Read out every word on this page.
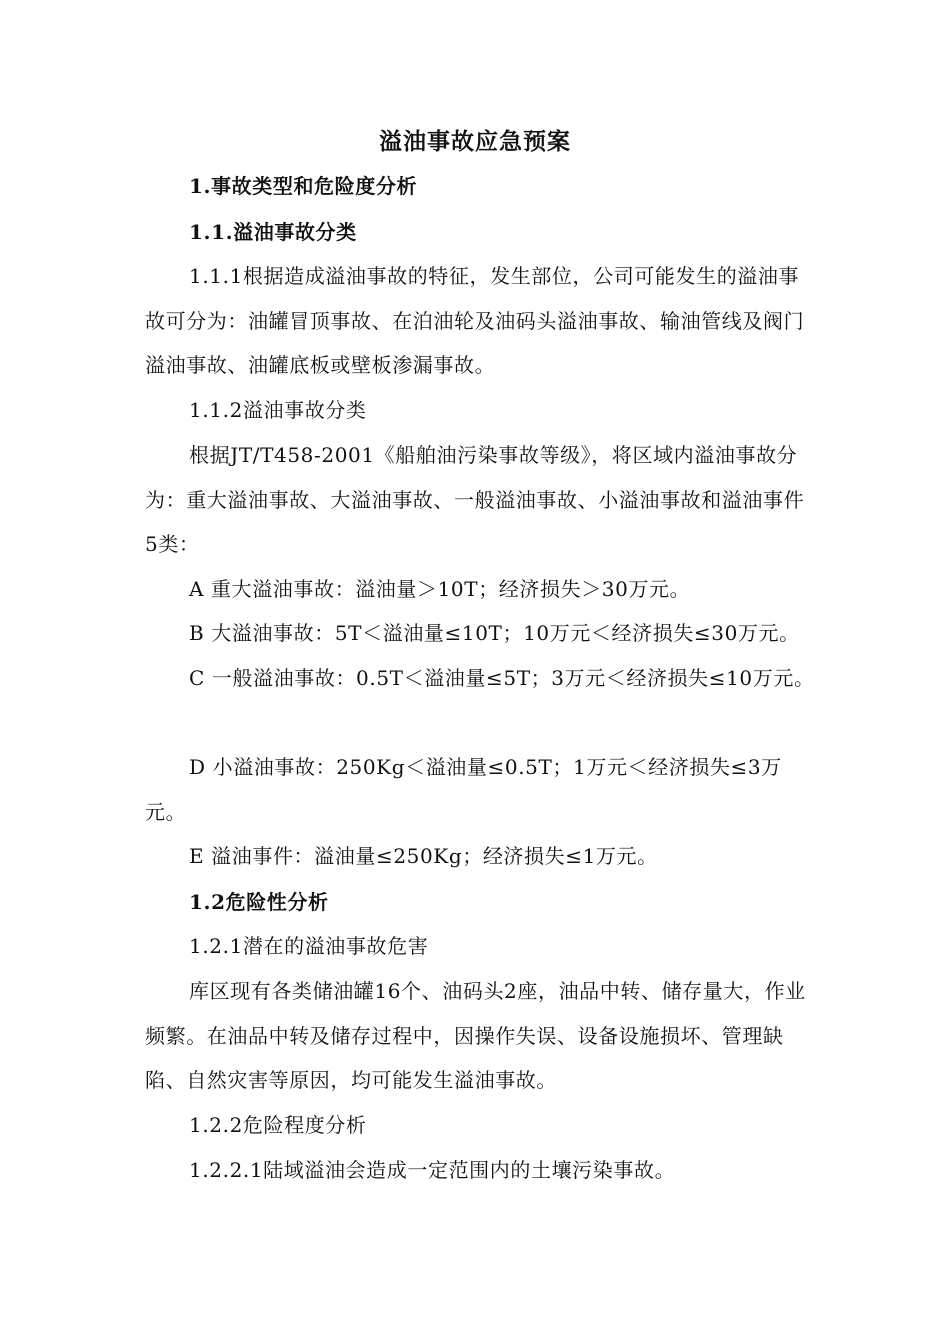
溢油事故应急预案
1.事故类型和危险度分析
1.1.溢油事故分类
1.1.1根据造成溢油事故的特征，发生部位，公司可能发生的溢油事故可分为：油罐冒顶事故、在泊油轮及油码头溢油事故、输油管线及阀门溢油事故、油罐底板或壁板渗漏事故。
1.1.2溢油事故分类
根据JT/T458-2001《船舶油污染事故等级》，将区域内溢油事故分为：重大溢油事故、大溢油事故、一般溢油事故、小溢油事故和溢油事件5类：
A 重大溢油事故：溢油量＞10T；经济损失＞30万元。
B 大溢油事故：5T＜溢油量≤10T；10万元＜经济损失≤30万元。
C 一般溢油事故：0.5T＜溢油量≤5T；3万元＜经济损失≤10万元。
D 小溢油事故：250Kg＜溢油量≤0.5T；1万元＜经济损失≤3万元。
E 溢油事件：溢油量≤250Kg；经济损失≤1万元。
1.2危险性分析
1.2.1潜在的溢油事故危害
库区现有各类储油罐16个、油码头2座，油品中转、储存量大，作业频繁。在油品中转及储存过程中，因操作失误、设备设施损坏、管理缺陷、自然灾害等原因，均可能发生溢油事故。
1.2.2危险程度分析
1.2.2.1陆域溢油会造成一定范围内的土壤污染事故。
